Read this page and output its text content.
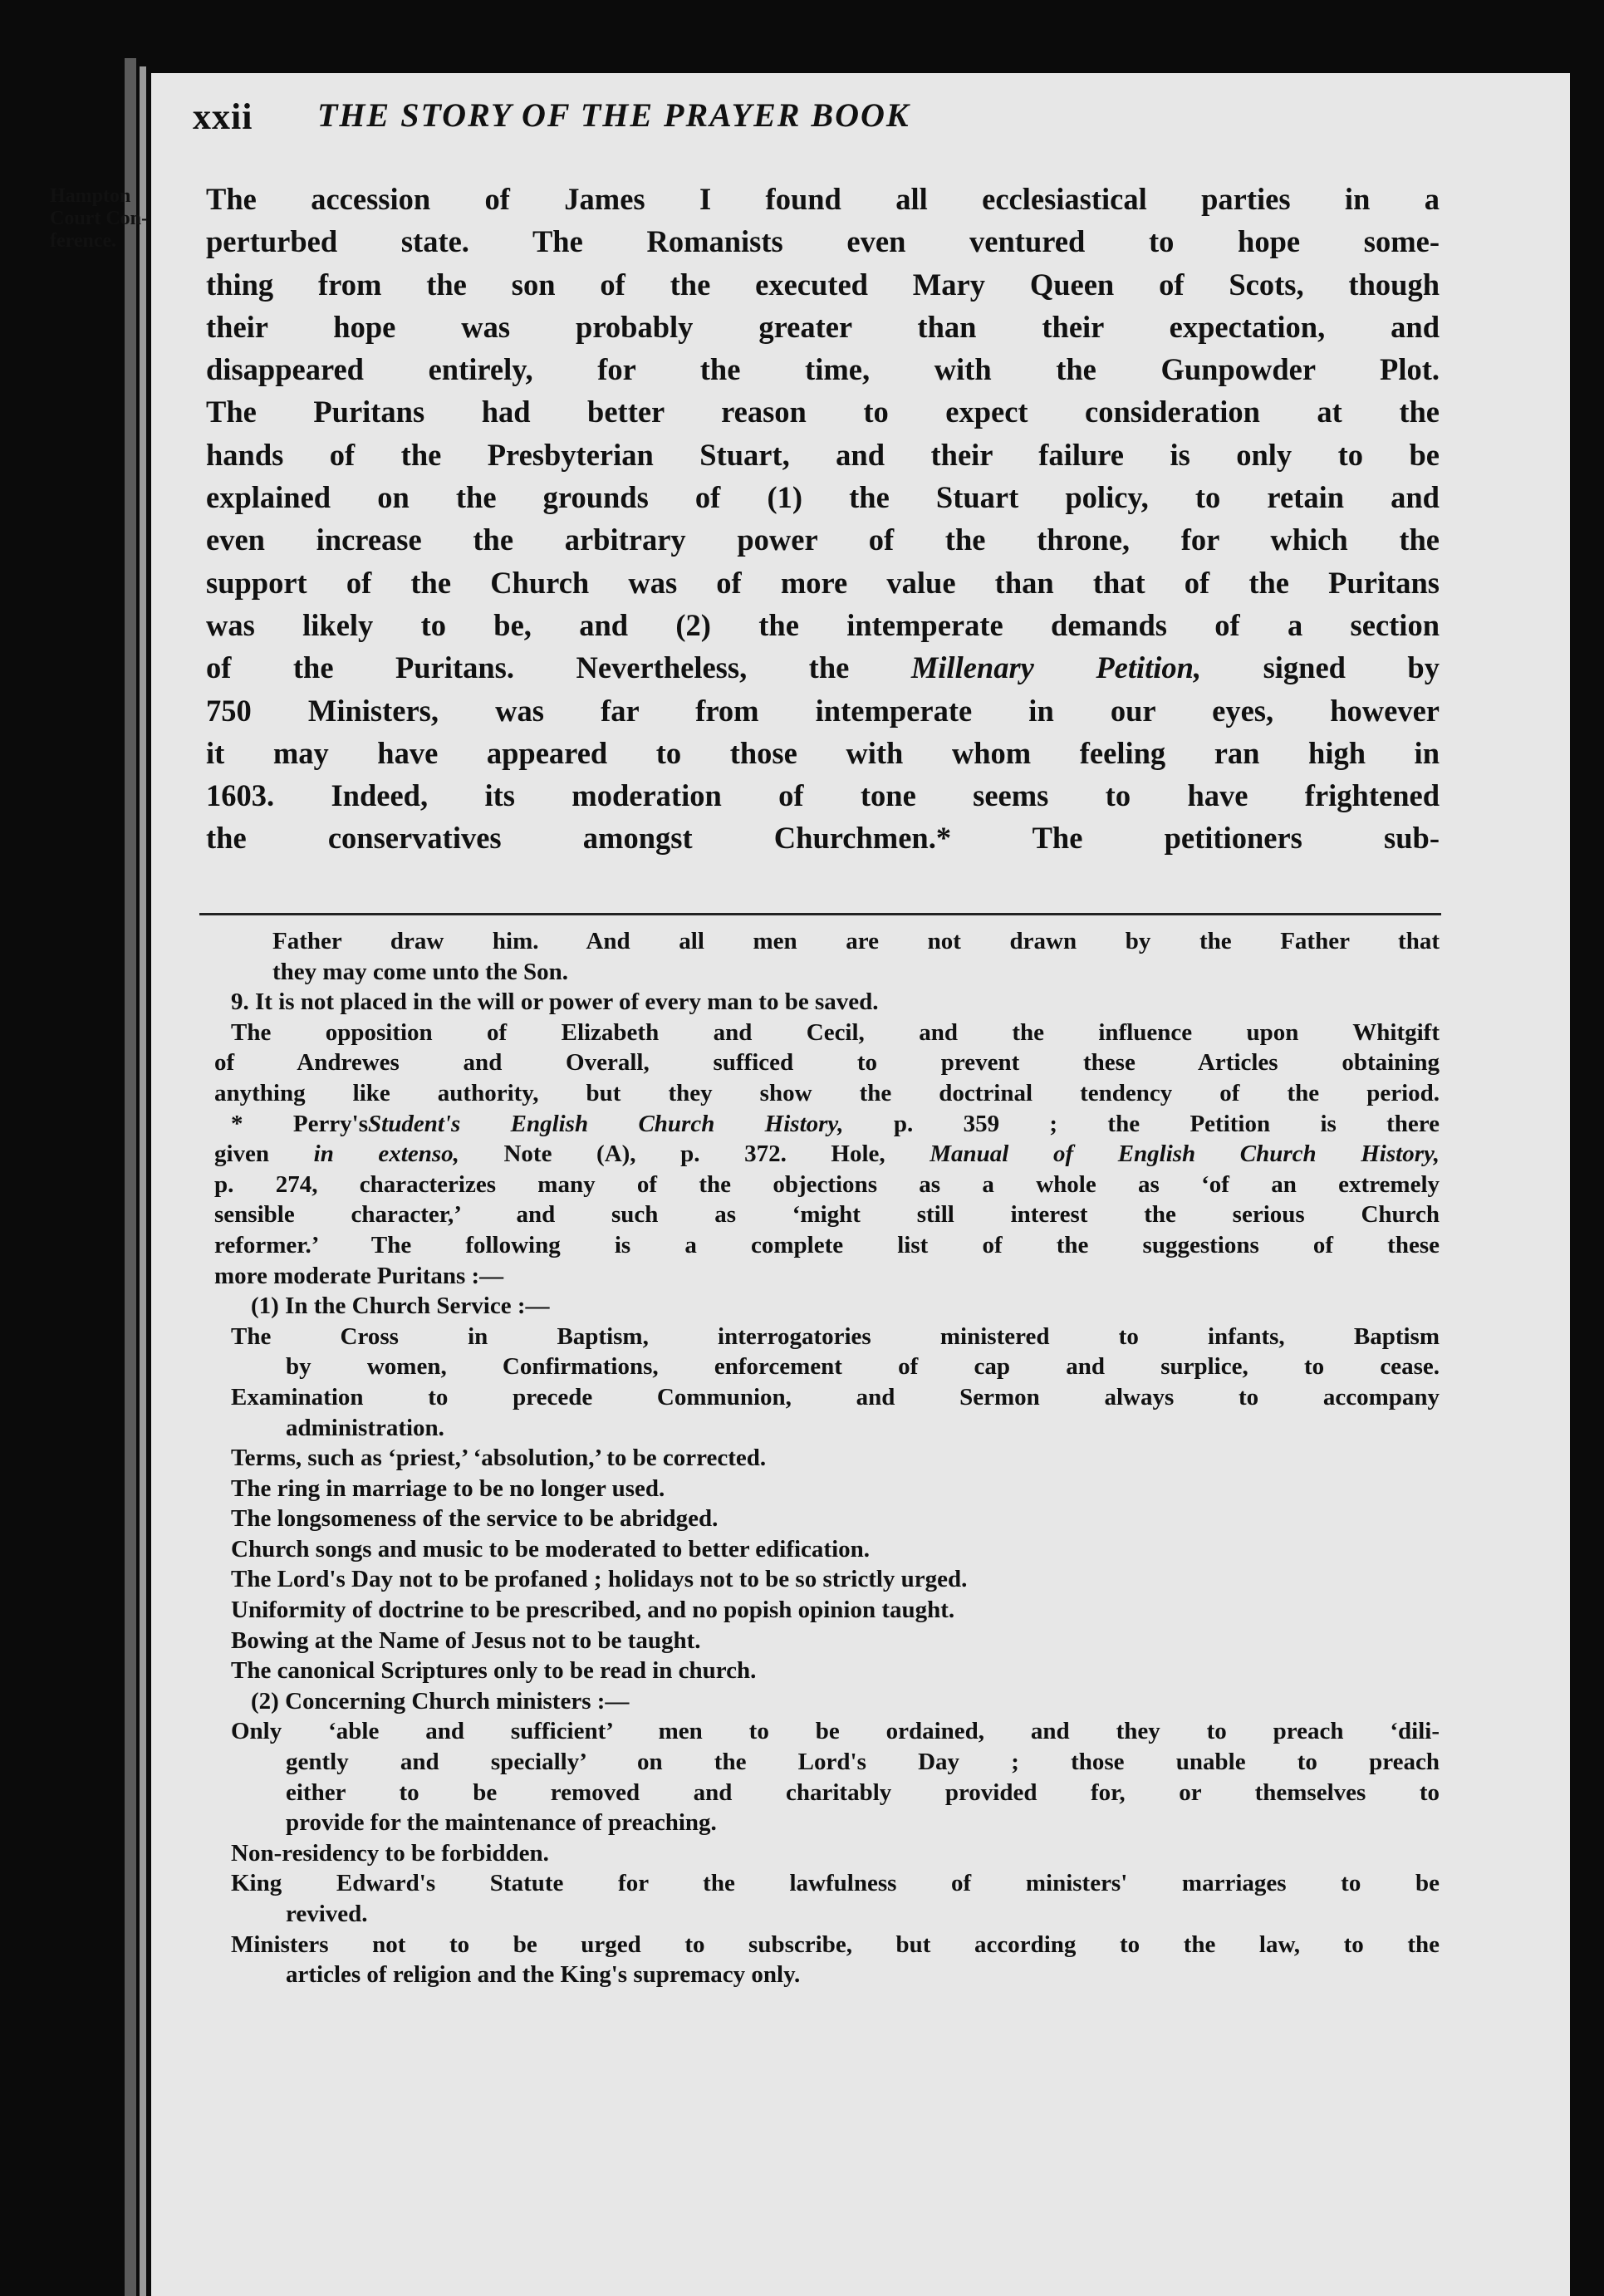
xxii THE STORY OF THE PRAYER BOOK
Hampton
Court Con-
ference.
The accession of James I found all ecclesiastical parties in a
perturbed state. The Romanists even ventured to hope some-
thing from the son of the executed Mary Queen of Scots, though
their hope was probably greater than their expectation, and
disappeared entirely, for the time, with the Gunpowder Plot.
The Puritans had better reason to expect consideration at the
hands of the Presbyterian Stuart, and their failure is only to be
explained on the grounds of (1) the Stuart policy, to retain and
even increase the arbitrary power of the throne, for which the
support of the Church was of more value than that of the Puritans
was likely to be, and (2) the intemperate demands of a section
of the Puritans. Nevertheless, the Millenary Petition, signed by
750 Ministers, was far from intemperate in our eyes, however
it may have appeared to those with whom feeling ran high in
1603. Indeed, its moderation of tone seems to have frightened
the conservatives amongst Churchmen.* The petitioners sub-
Father draw him. And all men are not drawn by the Father that
they may come unto the Son.
9. It is not placed in the will or power of every man to be saved.
The opposition of Elizabeth and Cecil, and the influence upon Whitgift
of Andrewes and Overall, sufficed to prevent these Articles obtaining
anything like authority, but they show the doctrinal tendency of the period.
* Perry'sStudent's English Church History, p. 359 ; the Petition is there
given in extenso, Note (A), p. 372. Hole, Manual of English Church History,
p. 274, characterizes many of the objections as a whole as ‘of an extremely
sensible character,’ and such as ‘might still interest the serious Church
reformer.’ The following is a complete list of the suggestions of these
more moderate Puritans :—
(1) In the Church Service :—
The Cross in Baptism, interrogatories ministered to infants, Baptism
by women, Confirmations, enforcement of cap and surplice, to cease.
Examination to precede Communion, and Sermon always to accompany
administration.
Terms, such as ‘priest,’ ‘absolution,’ to be corrected.
The ring in marriage to be no longer used.
The longsomeness of the service to be abridged.
Church songs and music to be moderated to better edification.
The Lord's Day not to be profaned ; holidays not to be so strictly urged.
Uniformity of doctrine to be prescribed, and no popish opinion taught.
Bowing at the Name of Jesus not to be taught.
The canonical Scriptures only to be read in church.
(2) Concerning Church ministers :—
Only ‘able and sufficient’ men to be ordained, and they to preach ‘dili-
gently and specially’ on the Lord's Day ; those unable to preach
either to be removed and charitably provided for, or themselves to
provide for the maintenance of preaching.
Non-residency to be forbidden.
King Edward's Statute for the lawfulness of ministers' marriages to be
revived.
Ministers not to be urged to subscribe, but according to the law, to the
articles of religion and the King's supremacy only.
